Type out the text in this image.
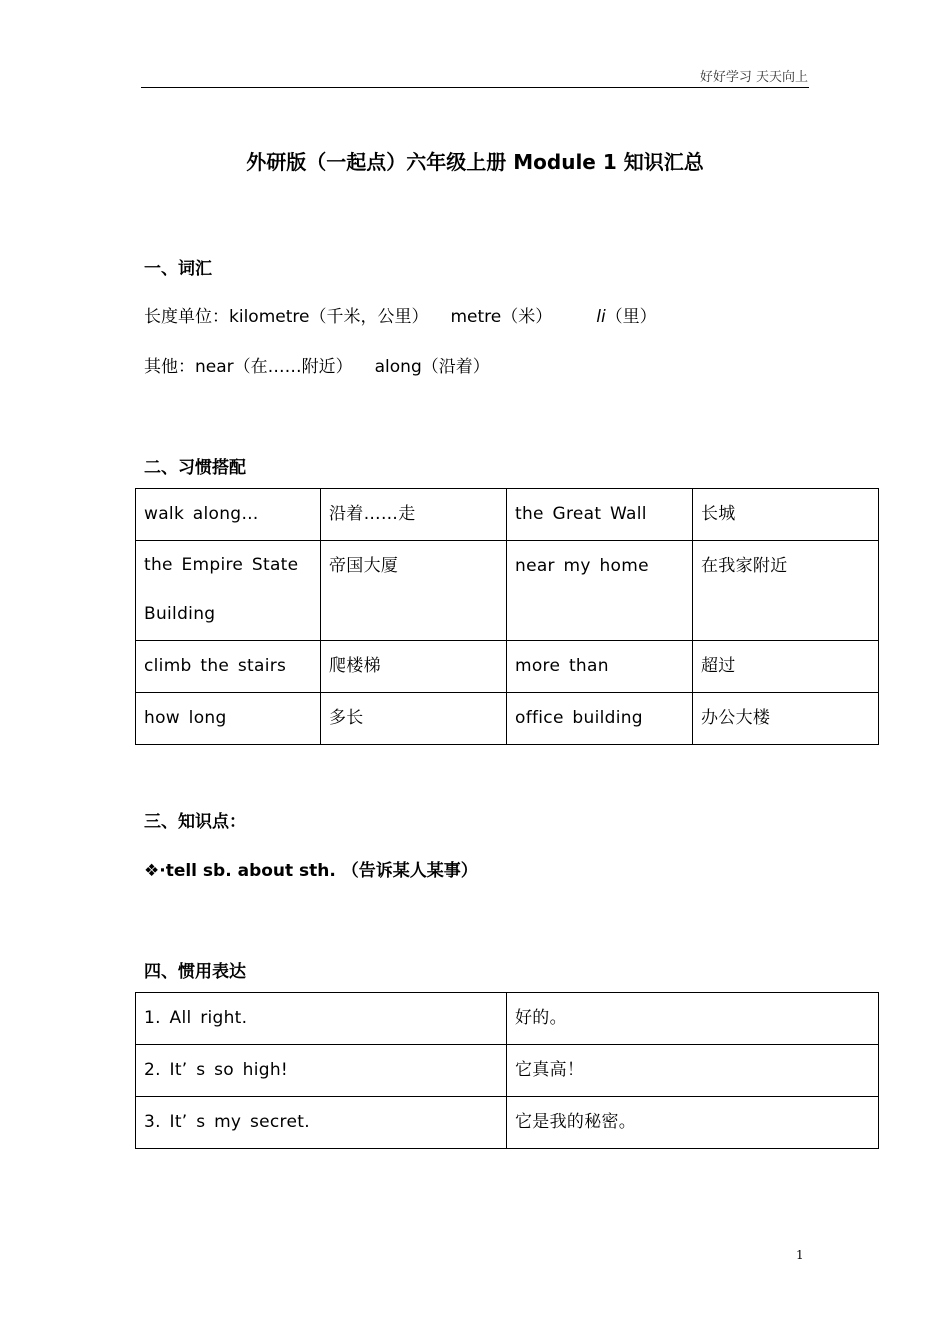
好好学习 天天向上
外研版（一起点）六年级上册 Module 1 知识汇总
一、词汇
长度单位：kilometre（千米，公里） metre（米）	li（里）
其他：near（在……附近） along（沿着）
二、习惯搭配
walk along…	沿着……走	the Great Wall	长城
the Empire State Building	帝国大厦	near my home	在我家附近
climb the stairs	爬楼梯	more than	超过
how long	多长	office building	办公大楼
三、知识点：
❖·tell sb. about sth. （告诉某人某事）
四、惯用表达
1. All right.	好的。
2. It’ s so high!	它真高！
3. It’ s my secret.	它是我的秘密。
1
